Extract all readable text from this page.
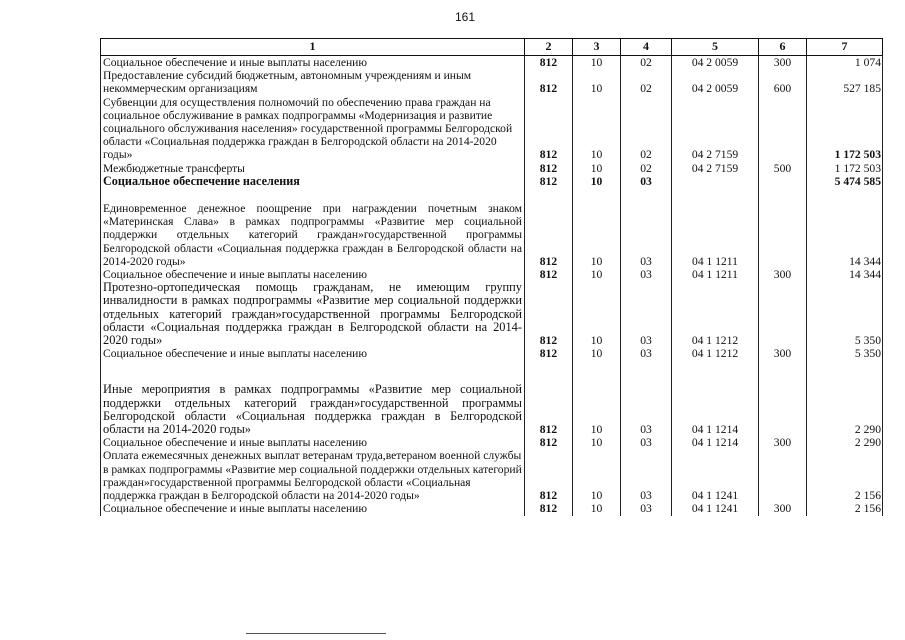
161
1	2	3	4	5	6	7
Социальное обеспечение и иные выплаты населению	812	10	02	04 2 0059	300	1 074
Предоставление субсидий бюджетным, автономным учреждениям и иным некоммерческим организациям	812	10	02	04 2 0059	600	527 185
Субвенции для осуществления полномочий по обеспечению права граждан на социальное обслуживание в рамках подпрограммы «Модернизация и развитие социального обслуживания населения» государственной программы Белгородской области «Социальная поддержка граждан в Белгородской области на 2014-2020 годы»	812	10	02	04 2 7159		1 172 503
Межбюджетные трансферты	812	10	02	04 2 7159	500	1 172 503
Социальное обеспечение населения	812	10	03			5 474 585
Единовременное денежное поощрение при награждении почетным знаком «Материнская Слава» в рамках подпрограммы «Развитие мер социальной поддержки отдельных категорий граждан»государственной программы Белгородской области «Социальная поддержка граждан в Белгородской области на 2014-2020 годы»	812	10	03	04 1 1211		14 344
Социальное обеспечение и иные выплаты населению	812	10	03	04 1 1211	300	14 344
Протезно-ортопедическая помощь гражданам, не имеющим группу инвалидности в рамках подпрограммы «Развитие мер социальной поддержки отдельных категорий граждан»государственной программы Белгородской области «Социальная поддержка граждан в Белгородской области на 2014-2020 годы»	812	10	03	04 1 1212		5 350
Социальное обеспечение и иные выплаты населению	812	10	03	04 1 1212	300	5 350
Иные мероприятия в рамках подпрограммы «Развитие мер социальной поддержки отдельных категорий граждан»государственной программы Белгородской области «Социальная поддержка граждан в Белгородской области на 2014-2020 годы»	812	10	03	04 1 1214		2 290
Социальное обеспечение и иные выплаты населению	812	10	03	04 1 1214	300	2 290
Оплата ежемесячных денежных выплат ветеранам труда,ветераном военной службы в рамках подпрограммы «Развитие мер социальной поддержки отдельных категорий граждан»государственной программы Белгородской области «Социальная поддержка граждан в Белгородской области на 2014-2020 годы»	812	10	03	04 1 1241		2 156
Социальное обеспечение и иные выплаты населению	812	10	03	04 1 1241	300	2 156
